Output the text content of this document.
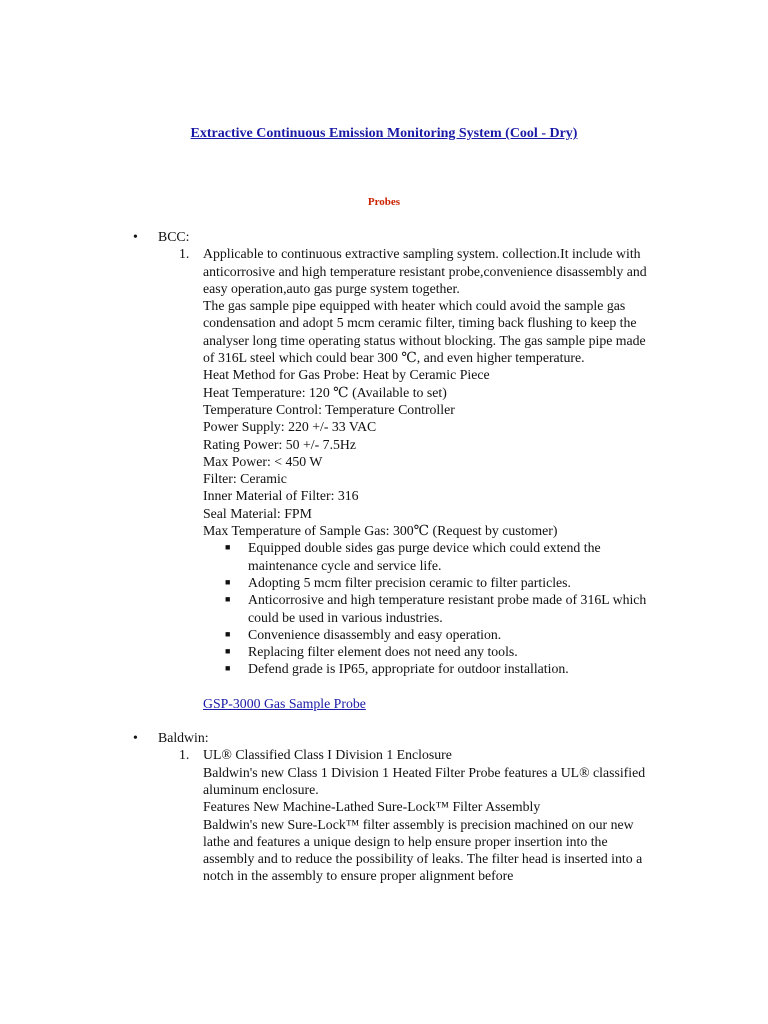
Extractive Continuous Emission Monitoring System (Cool - Dry)
Probes
• BCC:
1. Applicable to continuous extractive sampling system. collection.It include with anticorrosive and high temperature resistant probe,convenience disassembly and easy operation,auto gas purge system together.
The gas sample pipe equipped with heater which could avoid the sample gas condensation and adopt 5 mcm ceramic filter, timing back flushing to keep the analyser long time operating status without blocking. The gas sample pipe made of 316L steel which could bear 300 ℃, and even higher temperature.
Heat Method for Gas Probe: Heat by Ceramic Piece
Heat Temperature: 120 ℃ (Available to set)
Temperature Control: Temperature Controller
Power Supply: 220 +/- 33 VAC
Rating Power: 50 +/- 7.5Hz
Max Power: < 450 W
Filter: Ceramic
Inner Material of Filter: 316
Seal Material: FPM
Max Temperature of Sample Gas: 300℃ (Request by customer)
■ Equipped double sides gas purge device which could extend the maintenance cycle and service life.
■ Adopting 5 mcm filter precision ceramic to filter particles.
■ Anticorrosive and high temperature resistant probe made of 316L which could be used in various industries.
■ Convenience disassembly and easy operation.
■ Replacing filter element does not need any tools.
■ Defend grade is IP65, appropriate for outdoor installation.
GSP-3000 Gas Sample Probe
• Baldwin:
1. UL® Classified Class I Division 1 Enclosure
Baldwin's new Class 1 Division 1 Heated Filter Probe features a UL® classified aluminum enclosure.
Features New Machine-Lathed Sure-Lock™ Filter Assembly
Baldwin's new Sure-Lock™ filter assembly is precision machined on our new lathe and features a unique design to help ensure proper insertion into the assembly and to reduce the possibility of leaks. The filter head is inserted into a notch in the assembly to ensure proper alignment before
